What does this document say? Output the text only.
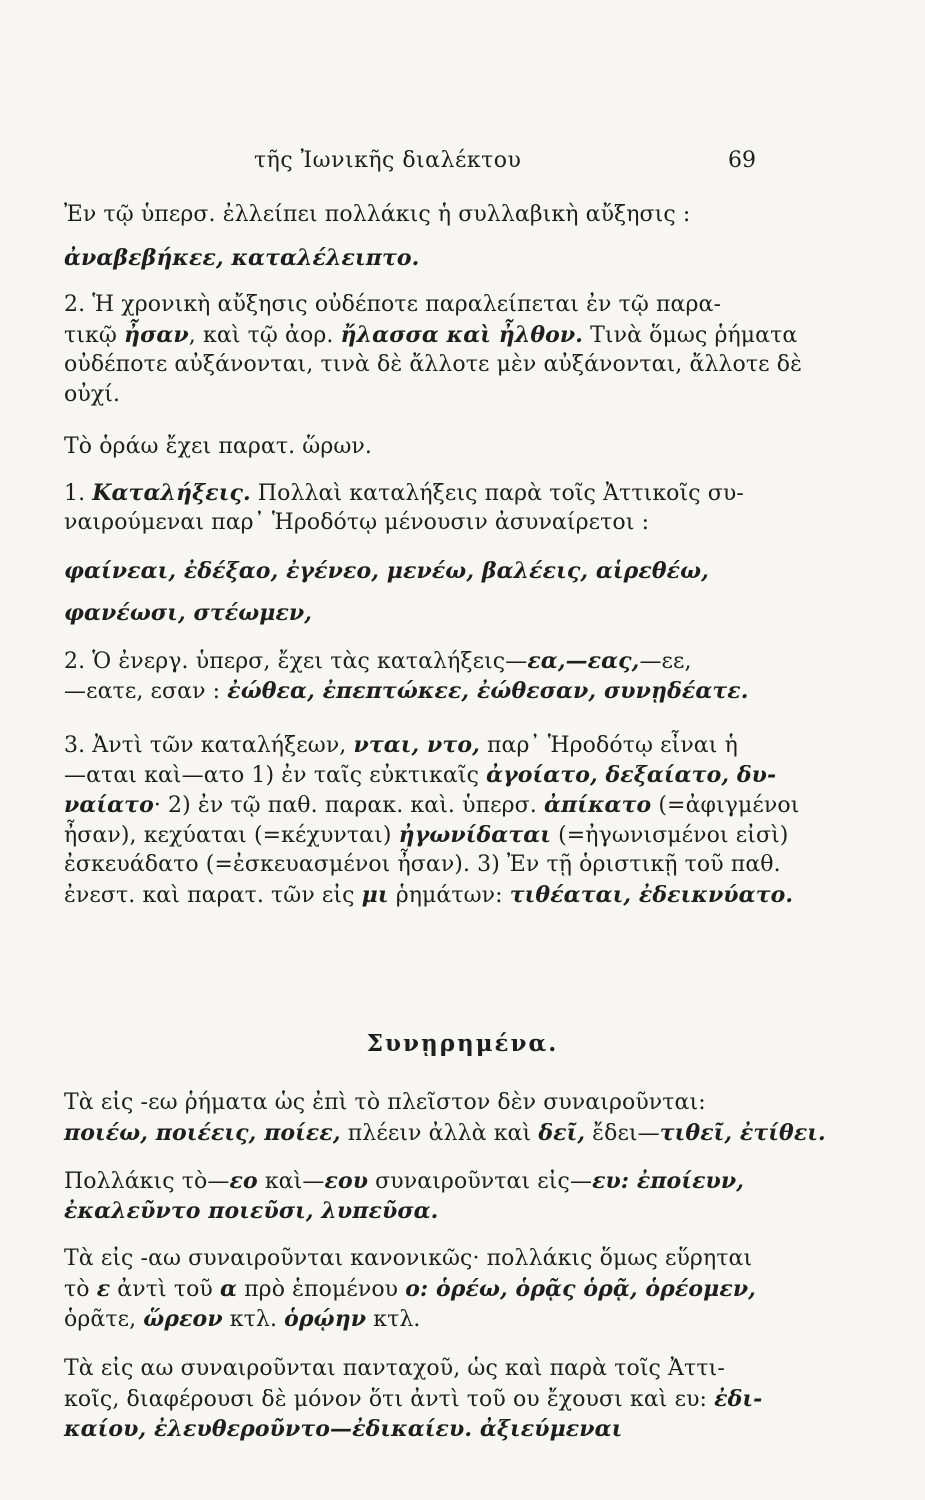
τῆς Ἰωνικῆς διαλέκτου	69
Ἐν τῷ ὑπερσ. ἐλλείπει πολλάκις ἡ συλλαβικὴ αὔξησις :
ἀναβεβήκεε, καταλέλειπτο.
2. Ἡ χρονικὴ αὔξησις οὐδέποτε παραλείπεται ἐν τῷ παρα-
τικῷ ἦσαν, καὶ τῷ ἀορ. ἤλασσα καὶ ἦλθον. Τινὰ ὅμως ῥήματα
οὐδέποτε αὐξάνονται, τινὰ δὲ ἄλλοτε μὲν αὐξάνονται, ἄλλοτε δὲ
οὐχί.
Τὸ ὁράω ἔχει παρατ. ὥρων.
1. Καταλήξεις. Πολλαὶ καταλήξεις παρὰ τοῖς Ἀττικοῖς συ-
ναιρούμεναι παρ᾽ Ἡροδότῳ μένουσιν ἀσυναίρετοι :
φαίνεαι, ἐδέξαο, ἐγένεο, μενέω, βαλέεις, αἱρεθέω,
φανέωσι, στέωμεν,
2. Ὁ ἐνεργ. ὑπερσ, ἔχει τὰς καταλήξεις—εα,—εας,—εε,
—εατε, εσαν : ἐώθεα, ἐπεπτώκεε, ἐώθεσαν, συνῃδέατε.
3. Ἀντὶ τῶν καταλήξεων, νται, ντο, παρ᾽ Ἡροδότῳ εἶναι ἡ
—αται καὶ—ατο 1) ἐν ταῖς εὐκτικαῖς ἀγοίατο, δεξαίατο, δυ-
ναίατο· 2) ἐν τῷ παθ. παρακ. καὶ. ὑπερσ. ἀπίκατο (=ἀφιγμένοι
ἦσαν), κεχύαται (=κέχυνται) ἠγωνίδαται (=ἠγωνισμένοι εἰσὶ)
ἐσκευάδατο (=ἐσκευασμένοι ἦσαν). 3) Ἐν τῇ ὁριστικῇ τοῦ παθ.
ἐνεστ. καὶ παρατ. τῶν εἰς μι ῥημάτων: τιθέαται, ἐδεικνύατο.
Συνῃρημένα.
Τὰ εἰς -εω ῥήματα ὡς ἐπὶ τὸ πλεῖστον δὲν συναιροῦνται:
ποιέω, ποιέεις, ποίεε, πλέειν ἀλλὰ καὶ δεῖ, ἔδει—τιθεῖ, ἐτίθει.
Πολλάκις τὸ—εο καὶ—εου συναιροῦνται εἰς—ευ: ἐποίευν,
ἐκαλεῦντο ποιεῦσι, λυπεῦσα.
Τὰ εἰς -αω συναιροῦνται κανονικῶς· πολλάκις ὅμως εὕρηται
τὸ ε ἀντὶ τοῦ α πρὸ ἑπομένου ο: ὁρέω, ὁρᾷς ὁρᾷ, ὁρέομεν,
ὁρᾶτε, ὥρεον κτλ. ὁρῴην κτλ.
Τὰ εἰς αω συναιροῦνται πανταχοῦ, ὡς καὶ παρὰ τοῖς Ἀττι-
κοῖς, διαφέρουσι δὲ μόνον ὅτι ἀντὶ τοῦ ου ἔχουσι καὶ ευ: ἐδι-
καίου, ἐλευθεροῦντο—ἐδικαίευ. ἀξιεύμεναι
